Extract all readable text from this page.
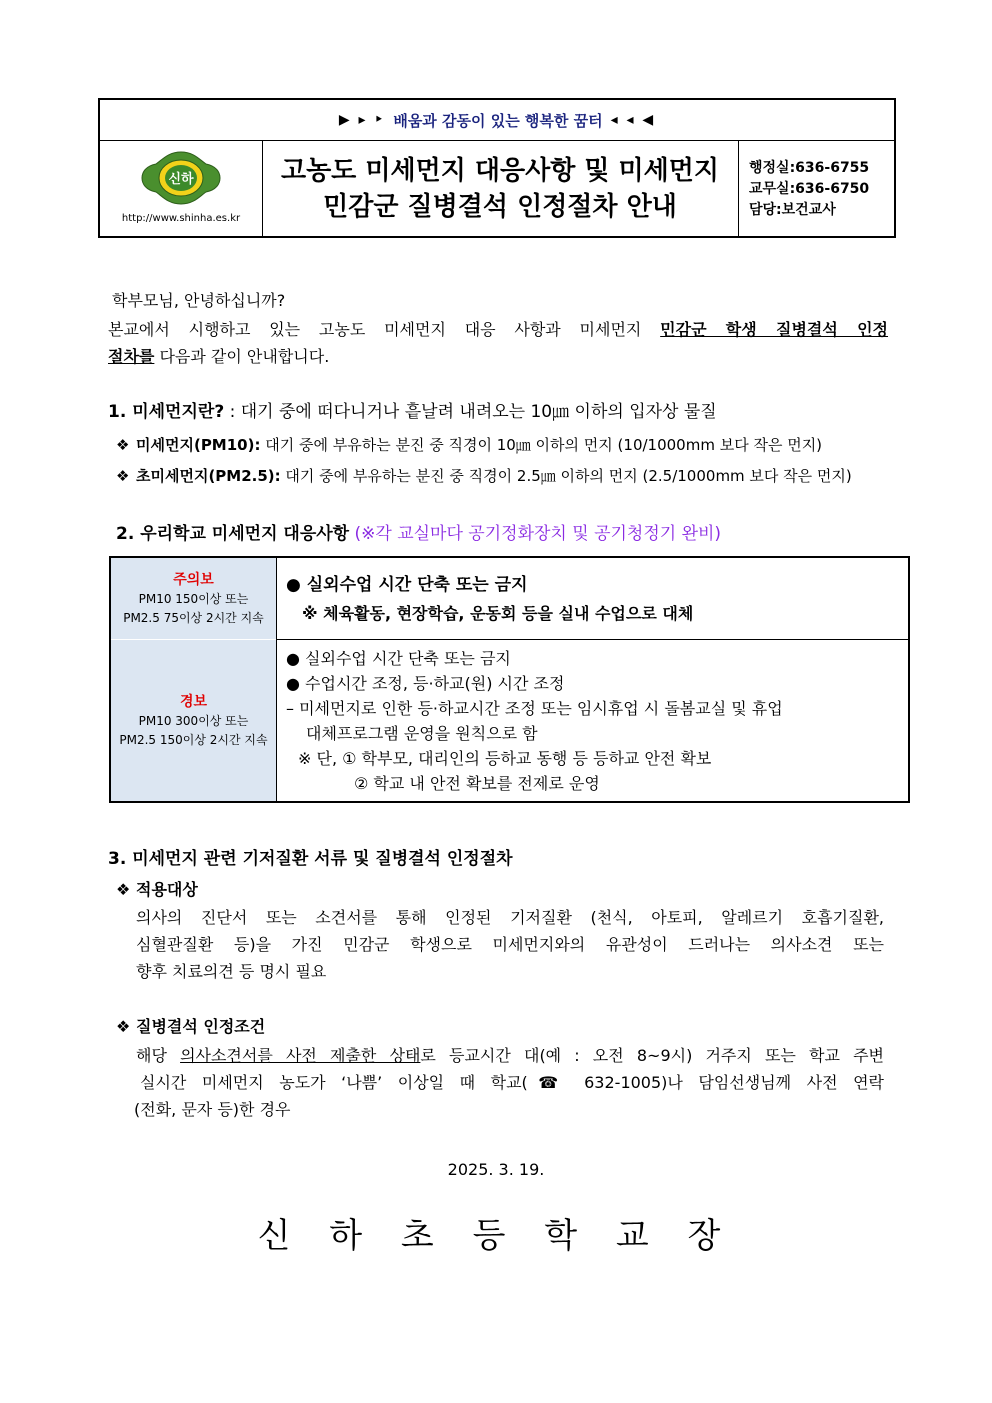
▶ ▸ ‣ 배움과 감동이 있는 행복한 꿈터 ◂ ◂ ◀
신하
http://www.shinha.es.kr
고농도 미세먼지 대응사항 및 미세먼지
민감군 질병결석 인정절차 안내
행정실:636-6755
교무실:636-6750
담당:보건교사
학부모님, 안녕하십니까?
본교에서 시행하고 있는 고농도 미세먼지 대응 사항과 미세먼지 민감군 학생 질병결석 인정
절차를 다음과 같이 안내합니다.
1. 미세먼지란? : 대기 중에 떠다니거나 흩날려 내려오는 10㎛ 이하의 입자상 물질
❖ 미세먼지(PM10): 대기 중에 부유하는 분진 중 직경이 10㎛ 이하의 먼지 (10/1000mm 보다 작은 먼지)
❖ 초미세먼지(PM2.5): 대기 중에 부유하는 분진 중 직경이 2.5㎛ 이하의 먼지 (2.5/1000mm 보다 작은 먼지)
2. 우리학교 미세먼지 대응사항 (※각 교실마다 공기정화장치 및 공기청정기 완비)
주의보
PM10 150이상 또는
PM2.5 75이상 2시간 지속
● 실외수업 시간 단축 또는 금지
※ 체육활동, 현장학습, 운동회 등을 실내 수업으로 대체
경보
PM10 300이상 또는
PM2.5 150이상 2시간 지속
● 실외수업 시간 단축 또는 금지
● 수업시간 조정, 등·하교(원) 시간 조정
– 미세먼지로 인한 등·하교시간 조정 또는 임시휴업 시 돌봄교실 및 휴업
대체프로그램 운영을 원칙으로 함
※ 단, ① 학부모, 대리인의 등하교 동행 등 등하교 안전 확보
② 학교 내 안전 확보를 전제로 운영
3. 미세먼지 관련 기저질환 서류 및 질병결석 인정절차
❖ 적용대상
의사의 진단서 또는 소견서를 통해 인정된 기저질환 (천식, 아토피, 알레르기 호흡기질환,
심혈관질환 등)을 가진 민감군 학생으로 미세먼지와의 유관성이 드러나는 의사소견 또는
향후 치료의견 등 명시 필요
❖ 질병결석 인정조건
해당 의사소견서를 사전 제출한 상태로 등교시간 대(예 : 오전 8~9시) 거주지 또는 학교 주변
실시간 미세먼지 농도가 ‘나쁨’ 이상일 때 학교(☎ 632-1005)나 담임선생님께 사전 연락
(전화, 문자 등)한 경우
2025. 3. 19.
신 하 초 등 학 교 장
